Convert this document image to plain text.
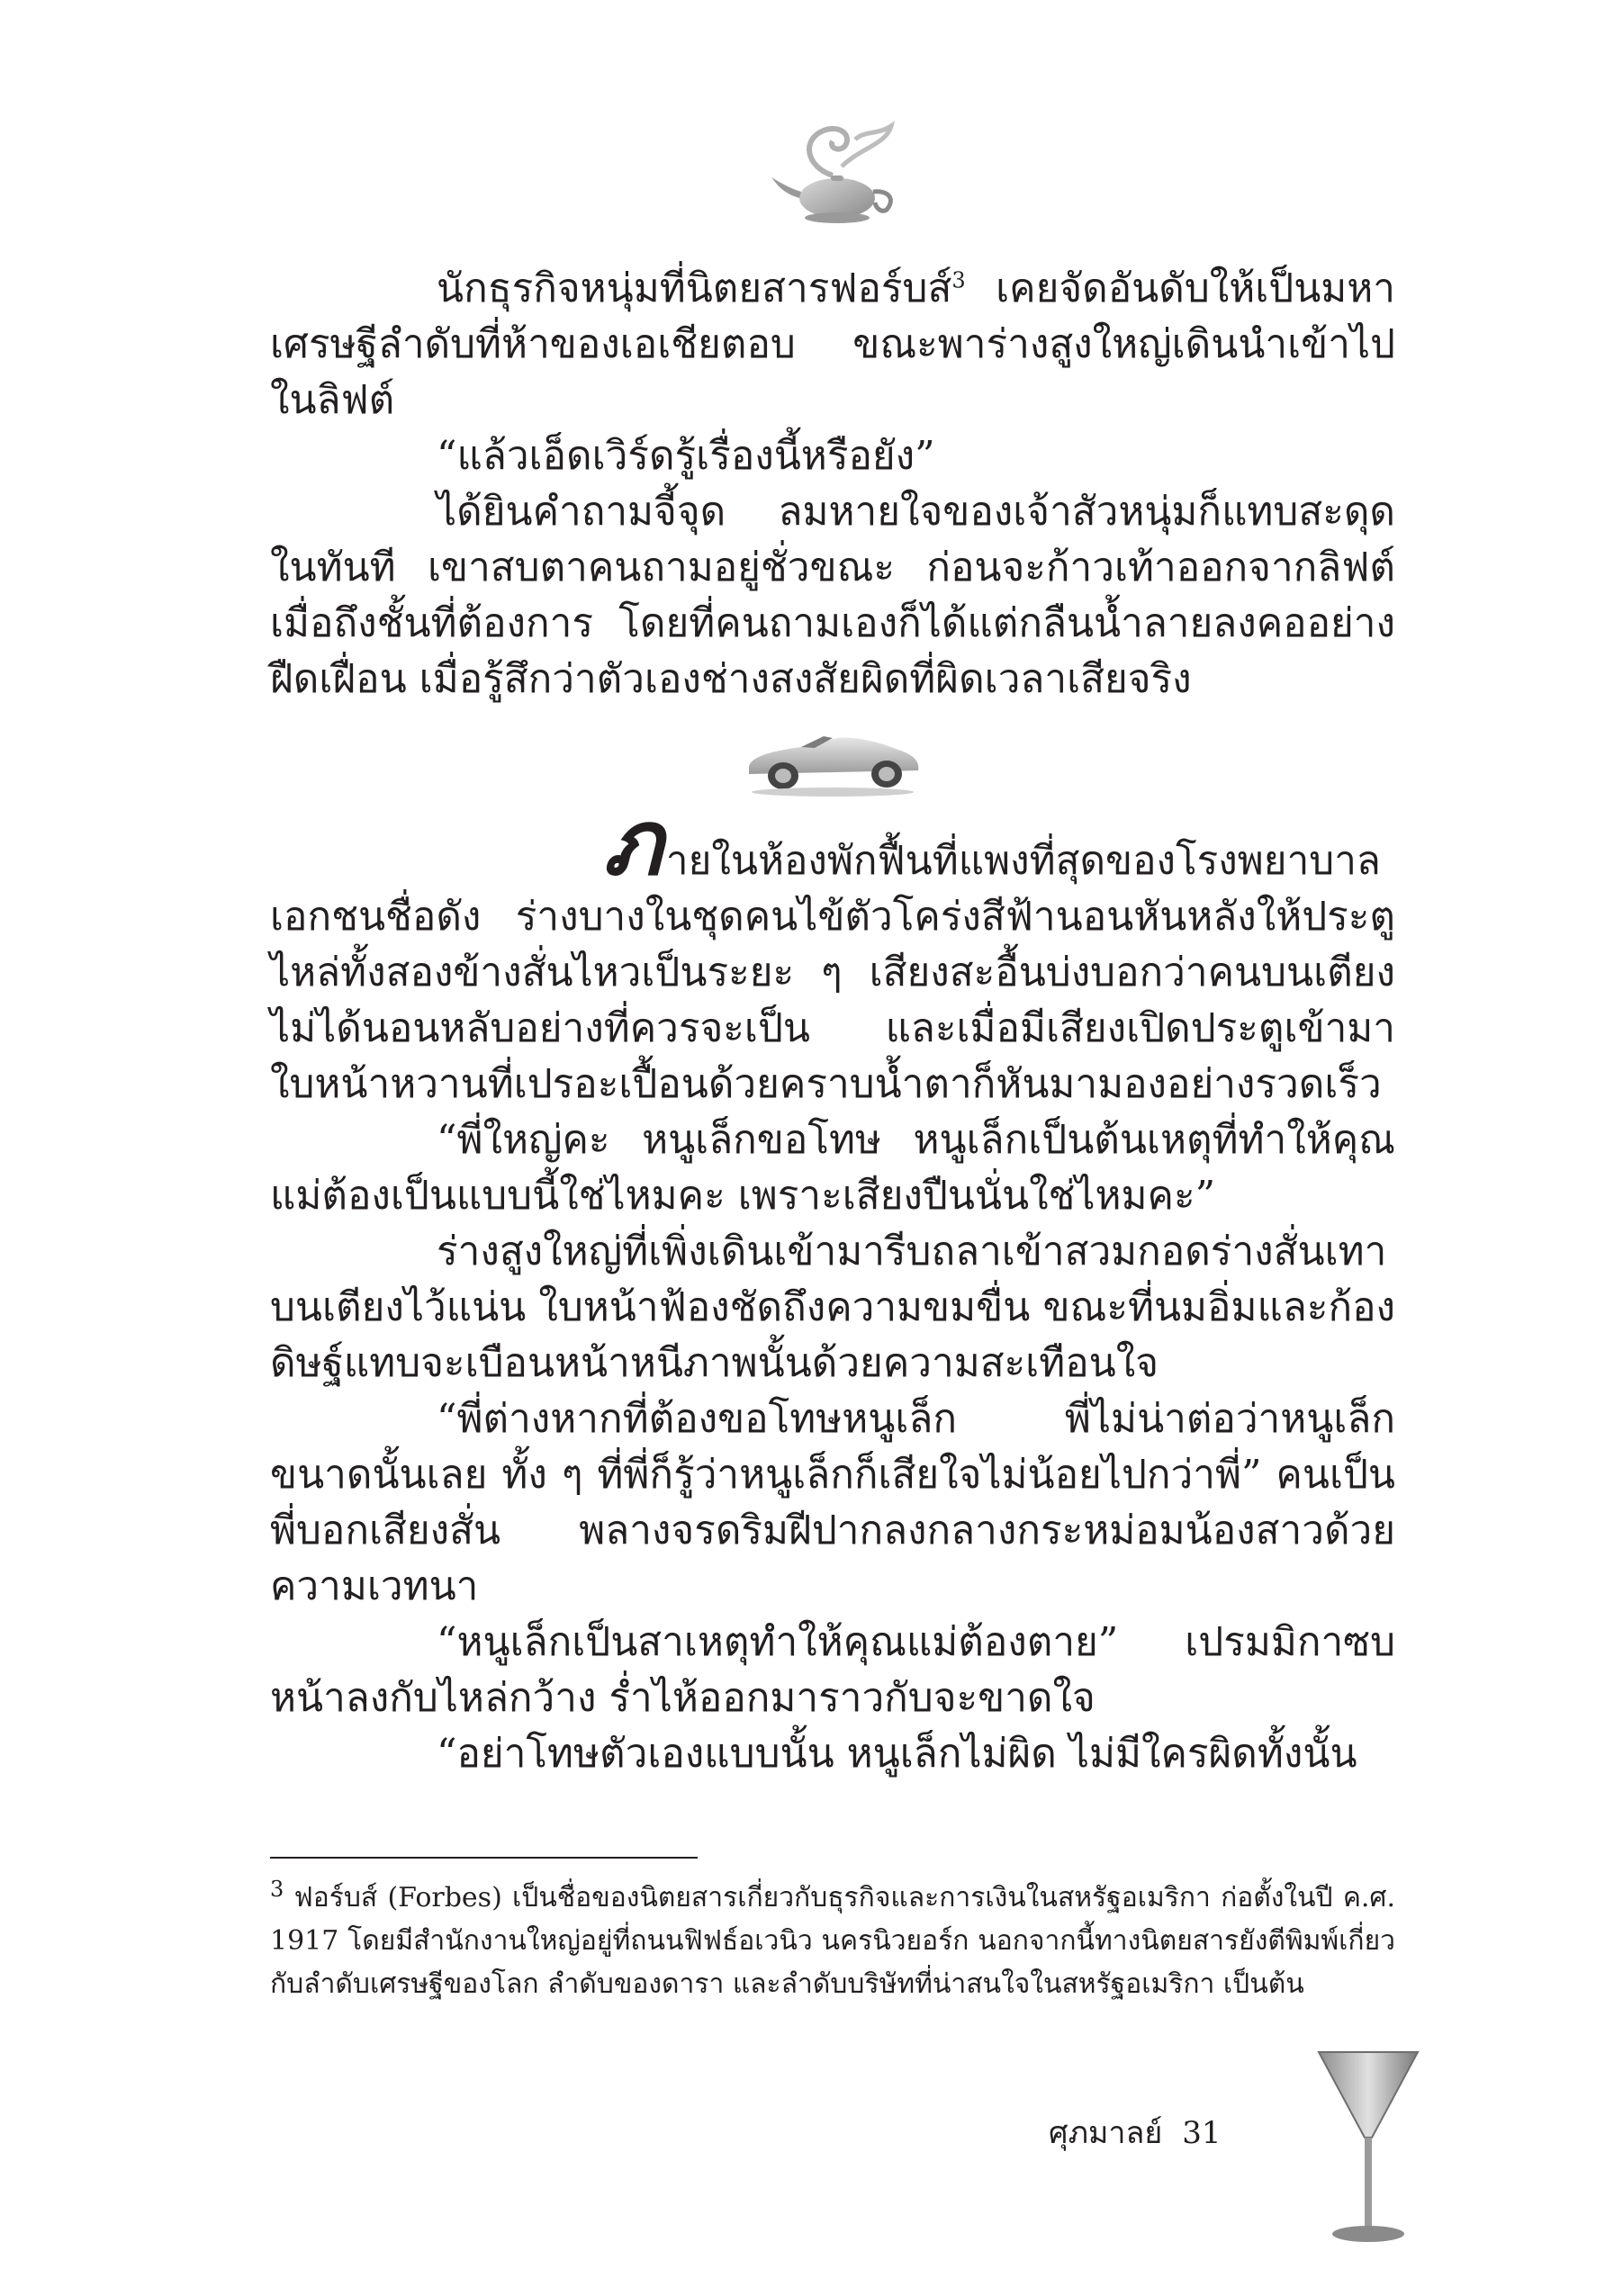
นักธุรกิจหนุ่มที่นิตยสารฟอร์บส์$^3$ เคยจัดอันดับให้เป็นมหาเศรษฐีลำดับที่ห้าของเอเชียตอบ ขณะพาร่างสูงใหญ่เดินนำเข้าไปในลิฟต์

“แล้วเอ็ดเวิร์ดรู้เรื่องนี้หรือยัง”

ได้ยินคำถามจี้จุด ลมหายใจของเจ้าสัวหนุ่มก็แทบสะดุดในทันที เขาสบตาคนถามอยู่ชั่วขณะ ก่อนจะก้าวเท้าออกจากลิฟต์เมื่อถึงชั้นที่ต้องการ โดยที่คนถามเองก็ได้แต่กลืนน้ำลายลงคออย่างฝืดเฝื่อน เมื่อรู้สึกว่าตัวเองช่างสงสัยผิดที่ผิดเวลาเสียจริง

ภายในห้องพักฟื้นที่แพงที่สุดของโรงพยาบาลเอกชนชื่อดัง ร่างบางในชุดคนไข้ตัวโคร่งสีฟ้านอนหันหลังให้ประตู ไหล่ทั้งสองข้างสั่นไหวเป็นระยะ ๆ เสียงสะอื้นบ่งบอกว่าคนบนเตียงไม่ได้นอนหลับอย่างที่ควรจะเป็น และเมื่อมีเสียงเปิดประตูเข้ามา ใบหน้าหวานที่เปรอะเปื้อนด้วยคราบน้ำตาก็หันมามองอย่างรวดเร็ว

“พี่ใหญ่คะ หนูเล็กขอโทษ หนูเล็กเป็นต้นเหตุที่ทำให้คุณแม่ต้องเป็นแบบนี้ใช่ไหมคะ เพราะเสียงปืนนั่นใช่ไหมคะ”

ร่างสูงใหญ่ที่เพิ่งเดินเข้ามารีบถลาเข้าสวมกอดร่างสั่นเทาบนเตียงไว้แน่น ใบหน้าฟ้องชัดถึงความขมขื่น ขณะที่นมอิ่มและก้องดิษฐ์แทบจะเบือนหน้าหนีภาพนั้นด้วยความสะเทือนใจ

“พี่ต่างหากที่ต้องขอโทษหนูเล็ก พี่ไม่น่าต่อว่าหนูเล็กขนาดนั้นเลย ทั้ง ๆ ที่พี่ก็รู้ว่าหนูเล็กก็เสียใจไม่น้อยไปกว่าพี่” คนเป็นพี่บอกเสียงสั่น พลางจรดริมฝีปากลงกลางกระหม่อมน้องสาวด้วยความเวทนา

“หนูเล็กเป็นสาเหตุทำให้คุณแม่ต้องตาย” เปรมมิกาซบหน้าลงกับไหล่กว้าง ร่ำไห้ออกมาราวกับจะขาดใจ

“อย่าโทษตัวเองแบบนั้น หนูเล็กไม่ผิด ไม่มีใครผิดทั้งนั้น

$^3$ ฟอร์บส์ (Forbes) เป็นชื่อของนิตยสารเกี่ยวกับธุรกิจและการเงินในสหรัฐอเมริกา ก่อตั้งในปี ค.ศ. 1917 โดยมีสำนักงานใหญ่อยู่ที่ถนนฟิฟธ์อเวนิว นครนิวยอร์ก นอกจากนี้ทางนิตยสารยังตีพิมพ์เกี่ยวกับลำดับเศรษฐีของโลก ลำดับของดารา และลำดับบริษัทที่น่าสนใจในสหรัฐอเมริกา เป็นต้น
ศุภมาลย์ 31
